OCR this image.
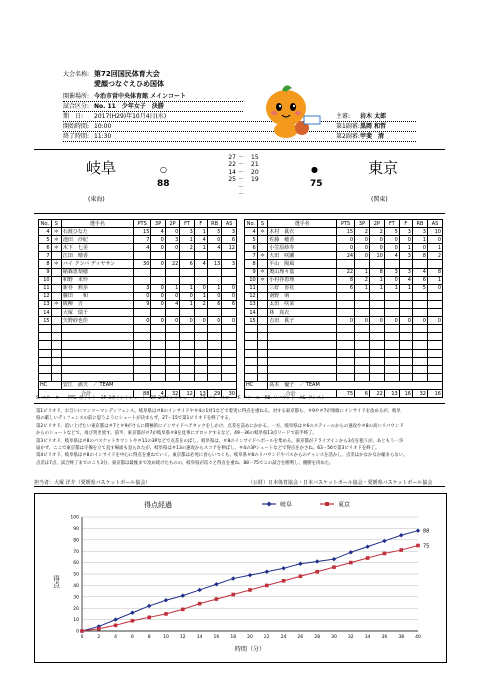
大会名称: 第72回国民体育大会
愛顔つなぐえひめ国体
開催場所: 今治市営中央体育館 メインコート
試合区分: No. 11　少年女子　決勝
期　日: 2017(H29)年10月4日(水)
開始時間: 10:00
終了時間: 11:30
主審: 岩木 太郎
第1副審: 黒岡 和哲
第2副審: 甲斐　清
岐阜
(東海)
○
88
東京
(関東)
●
75
27 － 15
22 － 21
14 － 20
25 － 19
－
－
No.	S	選手名	PTS	3P	2P	FT	F	RB	AS
4	＊	石渡ひなた	15	4	0	3	1	5	3
5	＊	池田　沙紀	7	0	3	1	4	0	6
6	＊	木下　七美	4	0	0	2	1	4	12
7		江田　晴香							
8	＊	バイ クンバ ディヤサン	30	0	22	6	4	13	3
9		稲森恵梨穂							
10		和野　未怜							
11		新谷　莉歩	3	0	1	1	0	1	0
12		藤田　　和	0	0	0	0	1	0	0
13	＊	阪柳　吉	9	0	4	1	2	6	6
14		大塚　瑞千							
15		矢野紗也佳	0	0	0	0	0	0	0

HC		安江　満夫　／ TEAM							
合計			88	4	32	12	13	29	30
No.	S	選手名	PTS	3P	2P	FT	F	RB	AS
4	＊	木村　眞衣	15	2	2	5	3	3	10
5		佐藤　穂香	0	0	0	0	0	1	0
6		小笠原紗寿	0	0	0	0	1	0	1
7	＊	大田　咲蘭	24	0	10	4	3	8	2
8		平山　陽風							
9	＊	奥山理々嘉	22	1	8	3	3	4	8
10	＊	小村谷恵理	8	2	1	0	4	6	1
11		三好　香花	6	1	1	1	1	5	0
12		南野　萌							
13		太田　咲菜							
14		林　真衣							
15		吉田　眞子	0	0	0	0	0	0	0

HC		髙木　優子　／ TEAM							
合計			75	6	22	13	16	32	16
S. スターター　PTS. ポイント　3P. 3ポイントシュート　2P. 2ポイントシュート　FT. フリースロー　F. ファール　RB. リバウンド　AS. アシスト
第1ピリオド、お互いにマンツーマンディフェンス。岐阜県は＃8のインサイドや＃4の1対1などで着実に得点を重ねる。対する東京都も、＃9や＃7が果敢にインサイドを攻めるが、岐阜
県の厳しいディフェンスの前に思うようにシュートが決まらず、27－15で第1ピリオドを終了する。
第2ピリオド、追い上げたい東京都は＃7と＃9がさらに積極的にインサイドへアタックをしかけ、点差を詰めにかかる。一方、岐阜県は＃6のスティールからの速攻や＃8の高いリバウンド
からのシュートなどで、再び突き放す。前半、東京都が＃7が岐阜県＃8を見事にブロックするなど、49－36の岐阜県13点リードで前半終了。
第3ピリオド、岐阜県は＃8のバスケットカウントや＃11の3Pなどで点差をのばし、岐阜県は、＃8のインサイドへボールを集める。東京都がドライブインから3点を狙うが、あともう一歩
届かず、ここで東京都は守備を立て直す場面も見られたが、岐阜県は＃13の速攻からスコアを伸ばし、＃4の3Pシュートなどで得点をかさね、63－56で第3ピリオドを終了。
第4ピリオド、岐阜県は＃8のインサイドを中心に得点を重ねていく。東京都は必死に食らいつくも、岐阜県＃8のリバウンドやパスからのチャンスを活かし、点差はかなかなか縮まらない。
点差は7点、試合終了までのこり3分、東京都は最後まで攻め続けたものの、岐阜県が次々と得点を重ね、88－75でこの試合を勝利し、優勝を決めた。
担当者：大塚 洋介（愛媛県バスケットボール協会）	（公財）日本体育協会・日本バスケットボール協会・愛媛県バスケットボール協会
得点経過	岐阜	東京
0
10
20
30
40
50
60
70
80
90
100
0	2	4	6	8	10 12 14 16 18 20 22 24 26 28 30 32 34 36 38 40
得点
時間（分）
88
75
